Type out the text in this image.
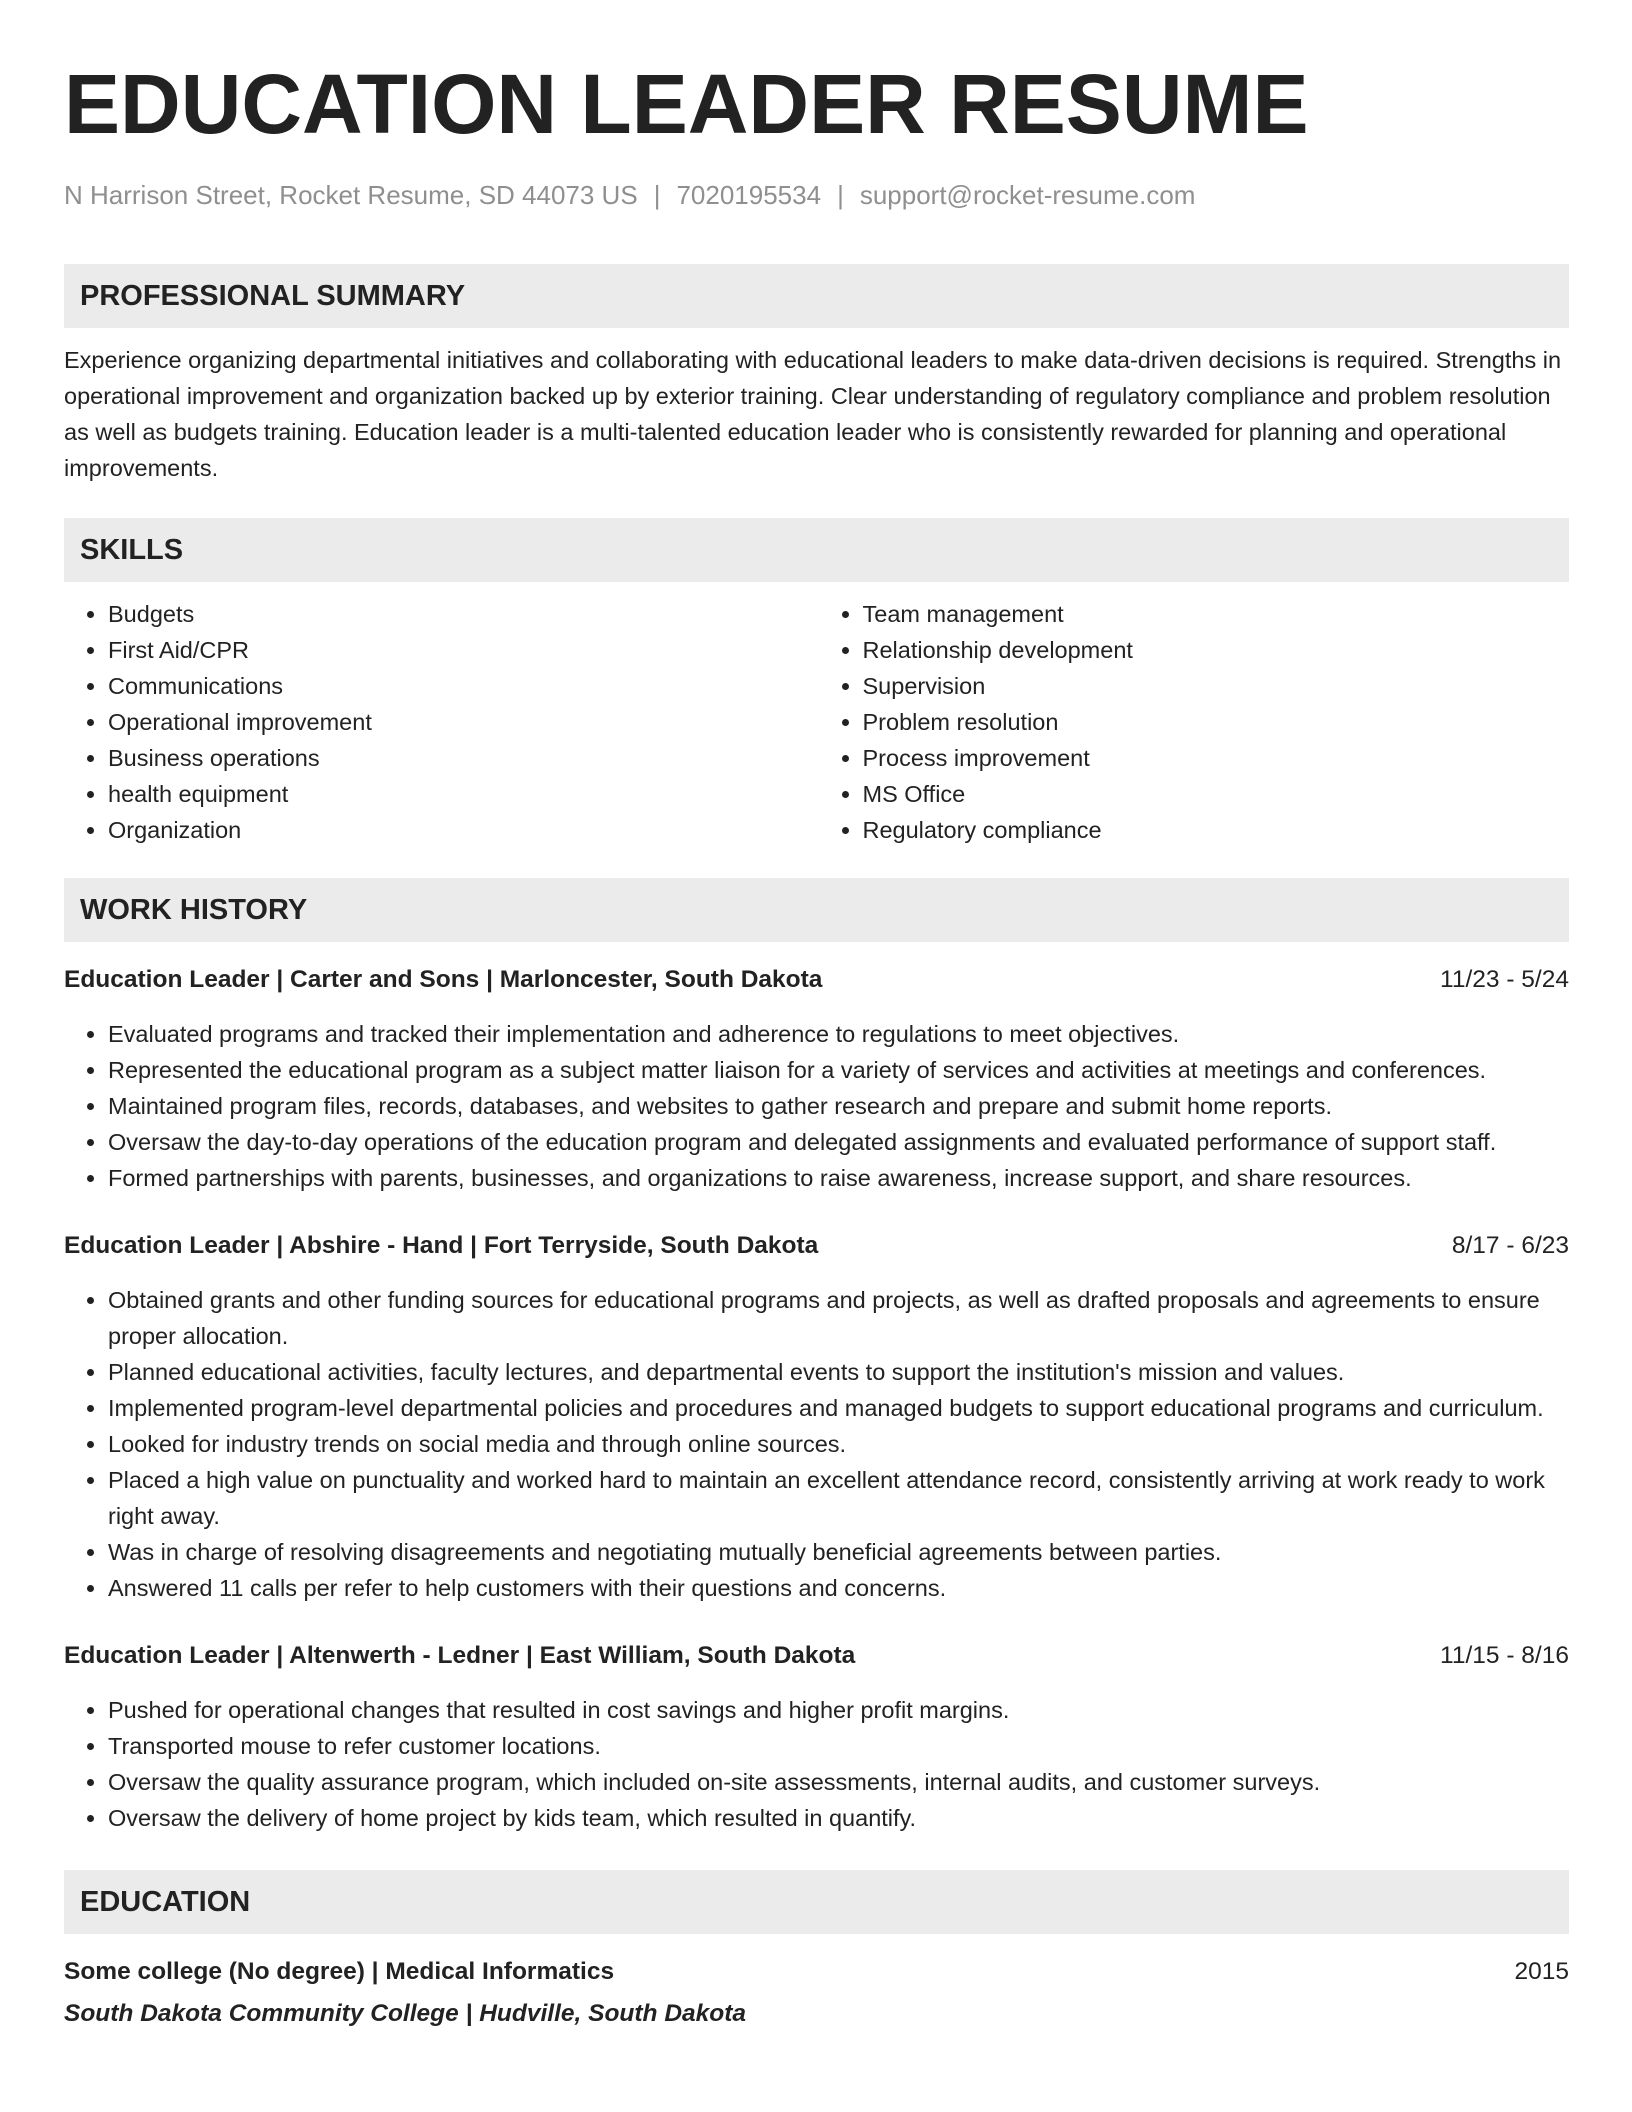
EDUCATION LEADER RESUME
N Harrison Street, Rocket Resume, SD 44073 US | 7020195534 | support@rocket-resume.com
PROFESSIONAL SUMMARY
Experience organizing departmental initiatives and collaborating with educational leaders to make data-driven decisions is required. Strengths in operational improvement and organization backed up by exterior training. Clear understanding of regulatory compliance and problem resolution as well as budgets training. Education leader is a multi-talented education leader who is consistently rewarded for planning and operational improvements.
SKILLS
• Budgets
• First Aid/CPR
• Communications
• Operational improvement
• Business operations
• health equipment
• Organization
• Team management
• Relationship development
• Supervision
• Problem resolution
• Process improvement
• MS Office
• Regulatory compliance
WORK HISTORY
Education Leader | Carter and Sons | Marloncester, South Dakota	11/23 - 5/24
• Evaluated programs and tracked their implementation and adherence to regulations to meet objectives.
• Represented the educational program as a subject matter liaison for a variety of services and activities at meetings and conferences.
• Maintained program files, records, databases, and websites to gather research and prepare and submit home reports.
• Oversaw the day-to-day operations of the education program and delegated assignments and evaluated performance of support staff.
• Formed partnerships with parents, businesses, and organizations to raise awareness, increase support, and share resources.
Education Leader | Abshire - Hand | Fort Terryside, South Dakota	8/17 - 6/23
• Obtained grants and other funding sources for educational programs and projects, as well as drafted proposals and agreements to ensure proper allocation.
• Planned educational activities, faculty lectures, and departmental events to support the institution's mission and values.
• Implemented program-level departmental policies and procedures and managed budgets to support educational programs and curriculum.
• Looked for industry trends on social media and through online sources.
• Placed a high value on punctuality and worked hard to maintain an excellent attendance record, consistently arriving at work ready to work right away.
• Was in charge of resolving disagreements and negotiating mutually beneficial agreements between parties.
• Answered 11 calls per refer to help customers with their questions and concerns.
Education Leader | Altenwerth - Ledner | East William, South Dakota	11/15 - 8/16
• Pushed for operational changes that resulted in cost savings and higher profit margins.
• Transported mouse to refer customer locations.
• Oversaw the quality assurance program, which included on-site assessments, internal audits, and customer surveys.
• Oversaw the delivery of home project by kids team, which resulted in quantify.
EDUCATION
Some college (No degree) | Medical Informatics	2015
South Dakota Community College | Hudville, South Dakota
